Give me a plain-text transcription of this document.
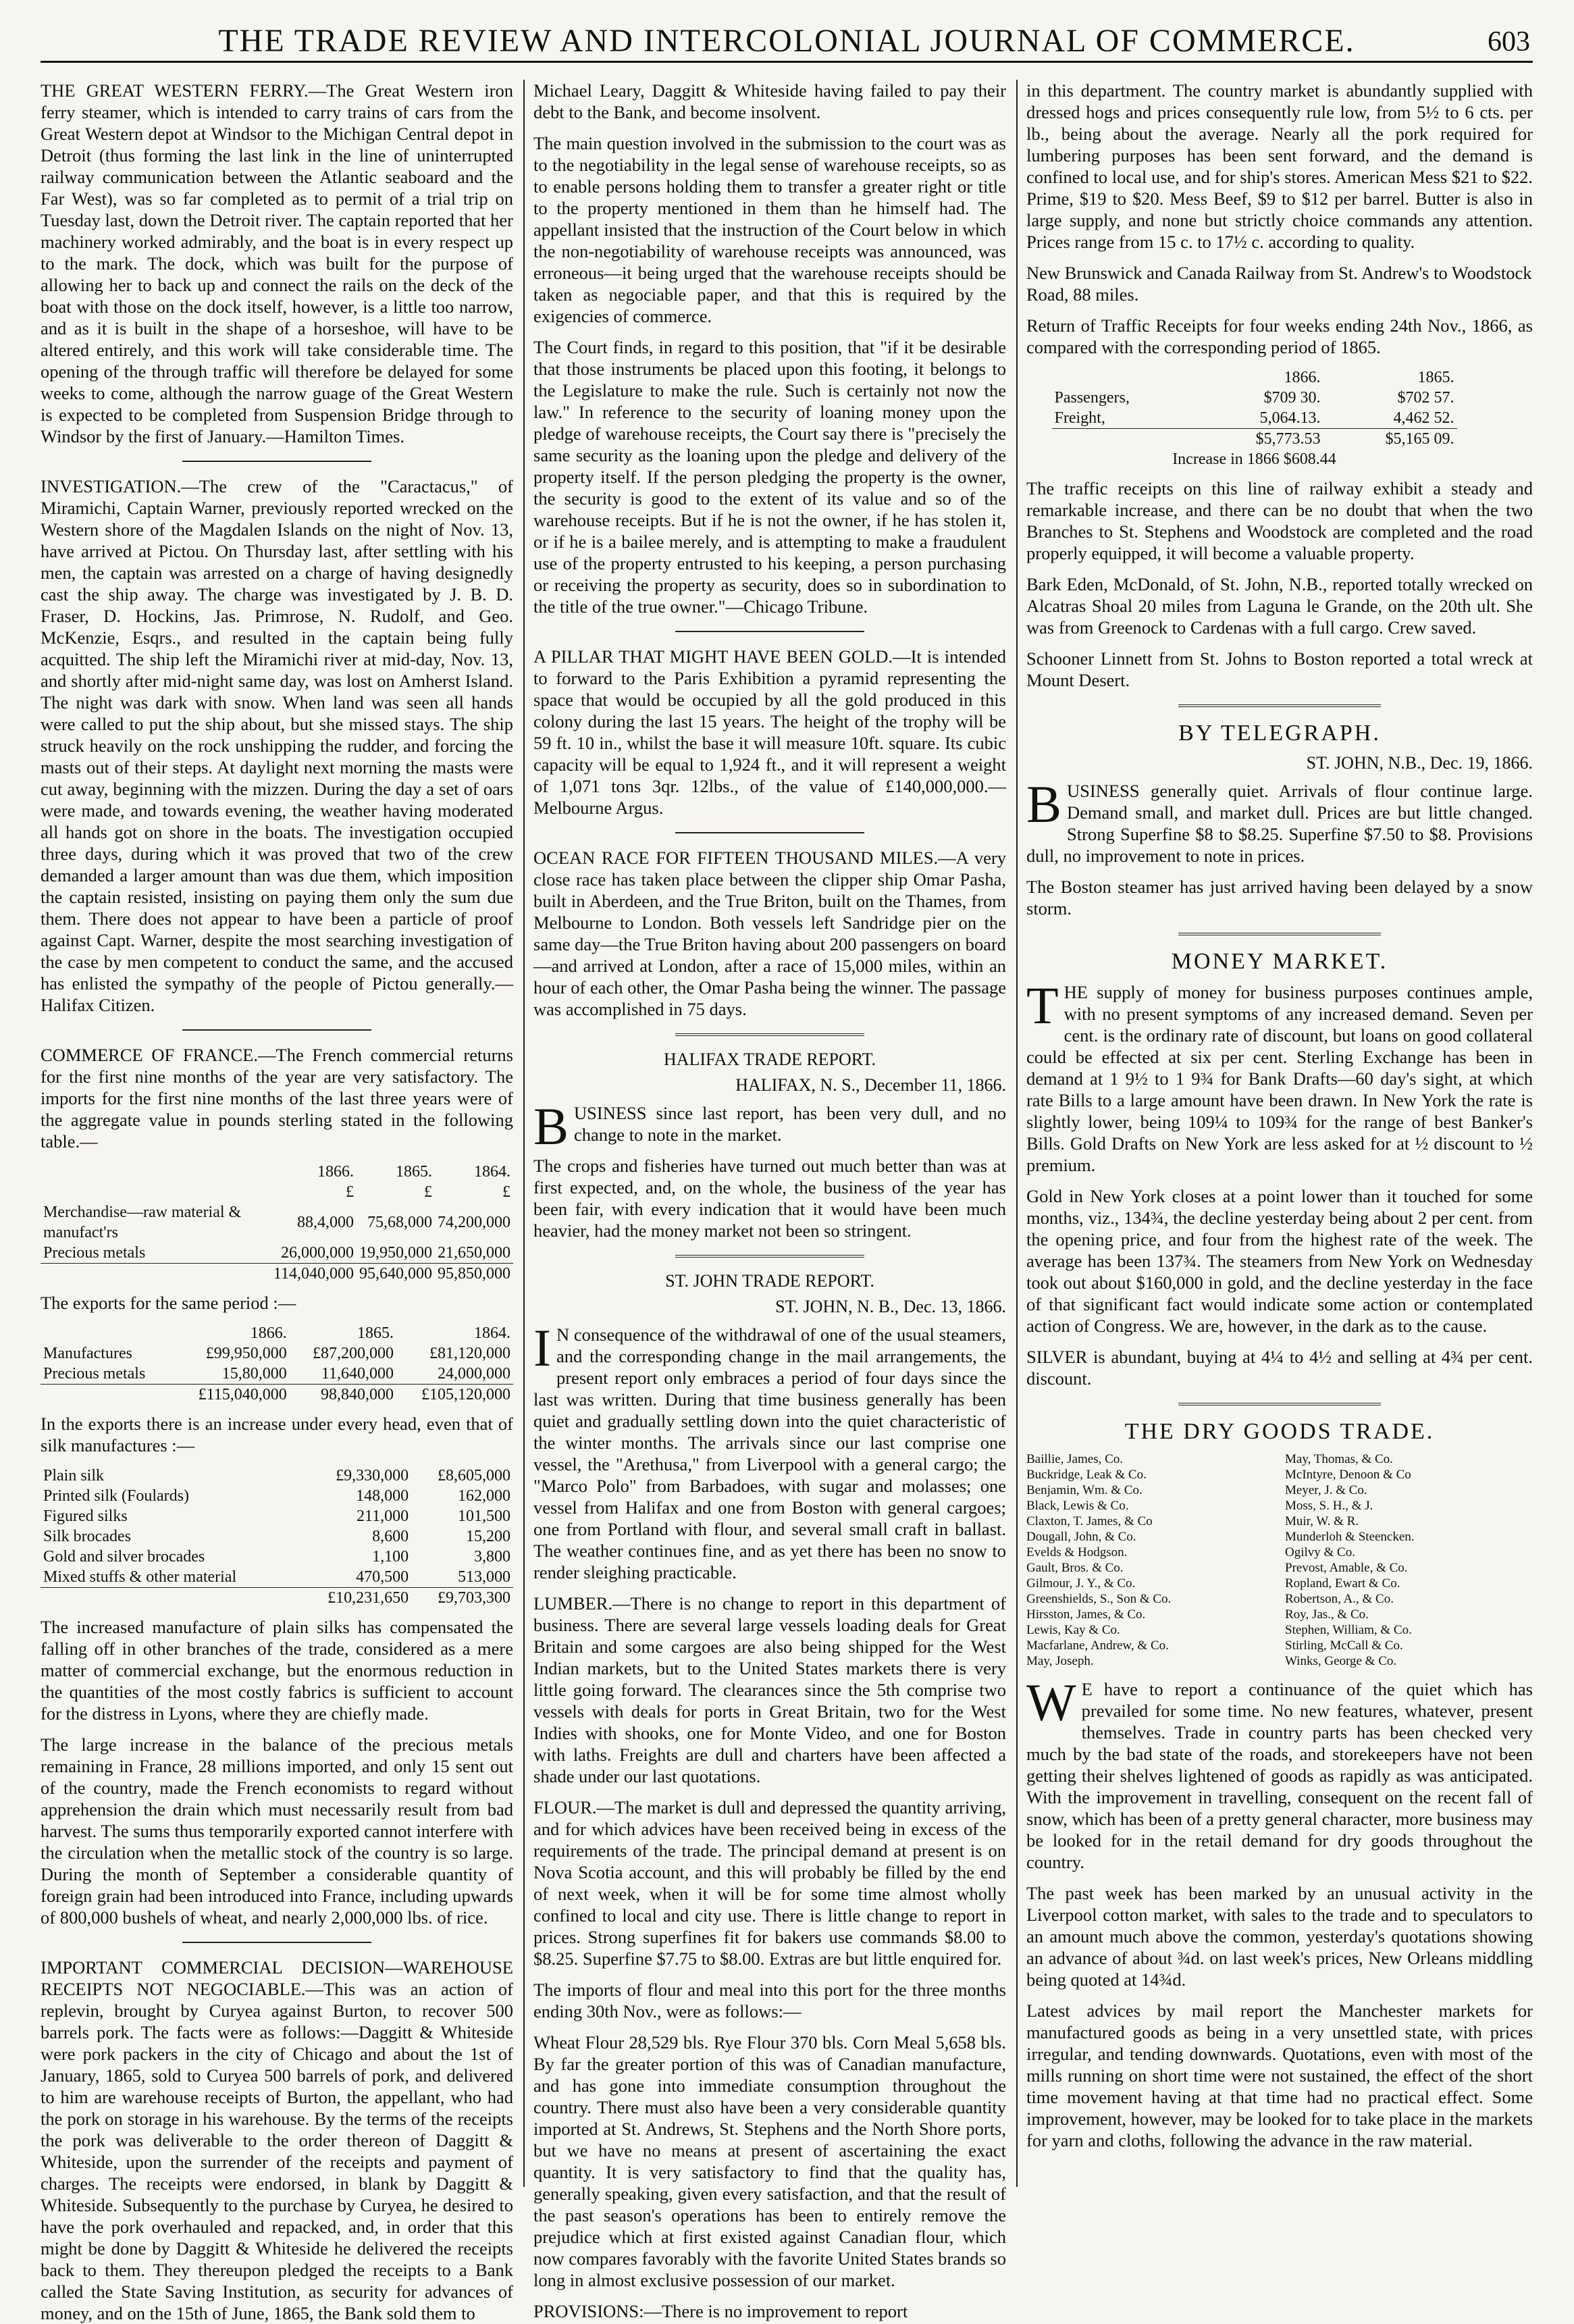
THE TRADE REVIEW AND INTERCOLONIAL JOURNAL OF COMMERCE.	603

THE GREAT WESTERN FERRY.—The Great Western iron ferry steamer, which is intended to carry trains of cars from the Great Western depot at Windsor to the Michigan Central depot in Detroit (thus forming the last link in the line of uninterrupted railway communication between the Atlantic seaboard and the Far West), was so far completed as to permit of a trial trip on Tuesday last, down the Detroit river. The captain reported that her machinery worked admirably, and the boat is in every respect up to the mark. The dock, which was built for the purpose of allowing her to back up and connect the rails on the deck of the boat with those on the dock itself, however, is a little too narrow, and as it is built in the shape of a horseshoe, will have to be altered entirely, and this work will take considerable time. The opening of the through traffic will therefore be delayed for some weeks to come, although the narrow guage of the Great Western is expected to be completed from Suspension Bridge through to Windsor by the first of January.—Hamilton Times.

INVESTIGATION.—The crew of the "Caractacus," of Miramichi, Captain Warner, previously reported wrecked on the Western shore of the Magdalen Islands on the night of Nov. 13, have arrived at Pictou. On Thursday last, after settling with his men, the captain was arrested on a charge of having designedly cast the ship away. The charge was investigated by J. B. D. Fraser, D. Hockins, Jas. Primrose, N. Rudolf, and Geo. McKenzie, Esqrs., and resulted in the captain being fully acquitted. The ship left the Miramichi river at mid-day, Nov. 13, and shortly after mid-night same day, was lost on Amherst Island. The night was dark with snow. When land was seen all hands were called to put the ship about, but she missed stays. The ship struck heavily on the rock unshipping the rudder, and forcing the masts out of their steps. At daylight next morning the masts were cut away, beginning with the mizzen. During the day a set of oars were made, and towards evening, the weather having moderated all hands got on shore in the boats. The investigation occupied three days, during which it was proved that two of the crew demanded a larger amount than was due them, which imposition the captain resisted, insisting on paying them only the sum due them. There does not appear to have been a particle of proof against Capt. Warner, despite the most searching investigation of the case by men competent to conduct the same, and the accused has enlisted the sympathy of the people of Pictou generally.—Halifax Citizen.

COMMERCE OF FRANCE.—The French commercial returns for the first nine months of the year are very satisfactory. The imports for the first nine months of the last three years were of the aggregate value in pounds sterling stated in the following table.—

	1866.	1865.	1864.
	£	£	£
Merchandise—raw material & manufact'rs	88,4,000	75,68,000	74,200,000
Precious metals	26,000,000	19,950,000	21,650,000
	114,040,000	95,640,000	95,850,000

The exports for the same period :—

	1866.	1865.	1864.
Manufactures	£99,950,000	£87,200,000	£81,120,000
Precious metals	15,80,000	11,640,000	24,000,000
	£115,040,000	98,840,000	£105,120,000

In the exports there is an increase under every head, even that of silk manufactures :—

Plain silk	£9,330,000	£8,605,000
Printed silk (Foulards)	148,000	162,000
Figured silks	211,000	101,500
Silk brocades	8,600	15,200
Gold and silver brocades	1,100	3,800
Mixed stuffs & other material	470,500	513,000
	£10,231,650	£9,703,300

The increased manufacture of plain silks has compensated the falling off in other branches of the trade, considered as a mere matter of commercial exchange, but the enormous reduction in the quantities of the most costly fabrics is sufficient to account for the distress in Lyons, where they are chiefly made.

The large increase in the balance of the precious metals remaining in France, 28 millions imported, and only 15 sent out of the country, made the French economists to regard without apprehension the drain which must necessarily result from bad harvest. The sums thus temporarily exported cannot interfere with the circulation when the metallic stock of the country is so large. During the month of September a considerable quantity of foreign grain had been introduced into France, including upwards of 800,000 bushels of wheat, and nearly 2,000,000 lbs. of rice.

IMPORTANT COMMERCIAL DECISION—WAREHOUSE RECEIPTS NOT NEGOCIABLE.—This was an action of replevin, brought by Curyea against Burton, to recover 500 barrels pork. The facts were as follows:—Daggitt & Whiteside were pork packers in the city of Chicago and about the 1st of January, 1865, sold to Curyea 500 barrels of pork, and delivered to him are warehouse receipts of Burton, the appellant, who had the pork on storage in his warehouse. By the terms of the receipts the pork was deliverable to the order thereon of Daggitt & Whiteside, upon the surrender of the receipts and payment of charges. The receipts were endorsed, in blank by Daggitt & Whiteside. Subsequently to the purchase by Curyea, he desired to have the pork overhauled and repacked, and, in order that this might be done by Daggitt & Whiteside he delivered the receipts back to them. They thereupon pledged the receipts to a Bank called the State Saving Institution, as security for advances of money, and on the 15th of June, 1865, the Bank sold them to

Michael Leary, Daggitt & Whiteside having failed to pay their debt to the Bank, and become insolvent.

The main question involved in the submission to the court was as to the negotiability in the legal sense of warehouse receipts, so as to enable persons holding them to transfer a greater right or title to the property mentioned in them than he himself had. The appellant insisted that the instruction of the Court below in which the non-negotiability of warehouse receipts was announced, was erroneous—it being urged that the warehouse receipts should be taken as negociable paper, and that this is required by the exigencies of commerce.

The Court finds, in regard to this position, that "if it be desirable that those instruments be placed upon this footing, it belongs to the Legislature to make the rule. Such is certainly not now the law." In reference to the security of loaning money upon the pledge of warehouse receipts, the Court say there is "precisely the same security as the loaning upon the pledge and delivery of the property itself. If the person pledging the property is the owner, the security is good to the extent of its value and so of the warehouse receipts. But if he is not the owner, if he has stolen it, or if he is a bailee merely, and is attempting to make a fraudulent use of the property entrusted to his keeping, a person purchasing or receiving the property as security, does so in subordination to the title of the true owner."—Chicago Tribune.

A PILLAR THAT MIGHT HAVE BEEN GOLD.—It is intended to forward to the Paris Exhibition a pyramid representing the space that would be occupied by all the gold produced in this colony during the last 15 years. The height of the trophy will be 59 ft. 10 in., whilst the base it will measure 10ft. square. Its cubic capacity will be equal to 1,924 ft., and it will represent a weight of 1,071 tons 3qr. 12lbs., of the value of £140,000,000.—Melbourne Argus.

OCEAN RACE FOR FIFTEEN THOUSAND MILES.—A very close race has taken place between the clipper ship Omar Pasha, built in Aberdeen, and the True Briton, built on the Thames, from Melbourne to London. Both vessels left Sandridge pier on the same day—the True Briton having about 200 passengers on board—and arrived at London, after a race of 15,000 miles, within an hour of each other, the Omar Pasha being the winner. The passage was accomplished in 75 days.

HALIFAX TRADE REPORT.
HALIFAX, N. S., December 11, 1866.

BUSINESS since last report, has been very dull, and no change to note in the market.

The crops and fisheries have turned out much better than was at first expected, and, on the whole, the business of the year has been fair, with every indication that it would have been much heavier, had the money market not been so stringent.

ST. JOHN TRADE REPORT.
ST. JOHN, N. B., Dec. 13, 1866.

IN consequence of the withdrawal of one of the usual steamers, and the corresponding change in the mail arrangements, the present report only embraces a period of four days since the last was written. During that time business generally has been quiet and gradually settling down into the quiet characteristic of the winter months. The arrivals since our last comprise one vessel, the "Arethusa," from Liverpool with a general cargo; the "Marco Polo" from Barbadoes, with sugar and molasses; one vessel from Halifax and one from Boston with general cargoes; one from Portland with flour, and several small craft in ballast. The weather continues fine, and as yet there has been no snow to render sleighing practicable.

LUMBER.—There is no change to report in this department of business. There are several large vessels loading deals for Great Britain and some cargoes are also being shipped for the West Indian markets, but to the United States markets there is very little going forward. The clearances since the 5th comprise two vessels with deals for ports in Great Britain, two for the West Indies with shooks, one for Monte Video, and one for Boston with laths. Freights are dull and charters have been affected a shade under our last quotations.

FLOUR.—The market is dull and depressed the quantity arriving, and for which advices have been received being in excess of the requirements of the trade. The principal demand at present is on Nova Scotia account, and this will probably be filled by the end of next week, when it will be for some time almost wholly confined to local and city use. There is little change to report in prices. Strong superfines fit for bakers use commands $8.00 to $8.25. Superfine $7.75 to $8.00. Extras are but little enquired for.

The imports of flour and meal into this port for the three months ending 30th Nov., were as follows:—

Wheat Flour 28,529 bls. Rye Flour 370 bls. Corn Meal 5,658 bls. By far the greater portion of this was of Canadian manufacture, and has gone into immediate consumption throughout the country. There must also have been a very considerable quantity imported at St. Andrews, St. Stephens and the North Shore ports, but we have no means at present of ascertaining the exact quantity. It is very satisfactory to find that the quality has, generally speaking, given every satisfaction, and that the result of the past season's operations has been to entirely remove the prejudice which at first existed against Canadian flour, which now compares favorably with the favorite United States brands so long in almost exclusive possession of our market.

PROVISIONS:—There is no improvement to report

in this department. The country market is abundantly supplied with dressed hogs and prices consequently rule low, from 5½ to 6 cts. per lb., being about the average. Nearly all the pork required for lumbering purposes has been sent forward, and the demand is confined to local use, and for ship's stores. American Mess $21 to $22. Prime, $19 to $20. Mess Beef, $9 to $12 per barrel. Butter is also in large supply, and none but strictly choice commands any attention. Prices range from 15 c. to 17½ c. according to quality.

New Brunswick and Canada Railway from St. Andrew's to Woodstock Road, 88 miles.

Return of Traffic Receipts for four weeks ending 24th Nov., 1866, as compared with the corresponding period of 1865.

	1866.	1865.
Passengers,	$709 30.	$702 57.
Freight,	5,064.13.	4,462 52.
	$5,773.53	$5,165 09.
Increase in 1866 $608.44		

The traffic receipts on this line of railway exhibit a steady and remarkable increase, and there can be no doubt that when the two Branches to St. Stephens and Woodstock are completed and the road properly equipped, it will become a valuable property.

Bark Eden, McDonald, of St. John, N.B., reported totally wrecked on Alcatras Shoal 20 miles from Laguna le Grande, on the 20th ult. She was from Greenock to Cardenas with a full cargo. Crew saved.

Schooner Linnett from St. Johns to Boston reported a total wreck at Mount Desert.

BY TELEGRAPH.
ST. JOHN, N.B., Dec. 19, 1866.

BUSINESS generally quiet. Arrivals of flour continue large. Demand small, and market dull. Prices are but little changed. Strong Superfine $8 to $8.25. Superfine $7.50 to $8. Provisions dull, no improvement to note in prices.

The Boston steamer has just arrived having been delayed by a snow storm.

MONEY MARKET.

THE supply of money for business purposes continues ample, with no present symptoms of any increased demand. Seven per cent. is the ordinary rate of discount, but loans on good collateral could be effected at six per cent. Sterling Exchange has been in demand at 1 9½ to 1 9¾ for Bank Drafts—60 day's sight, at which rate Bills to a large amount have been drawn. In New York the rate is slightly lower, being 109¼ to 109¾ for the range of best Banker's Bills. Gold Drafts on New York are less asked for at ½ discount to ½ premium.

Gold in New York closes at a point lower than it touched for some months, viz., 134¾, the decline yesterday being about 2 per cent. from the opening price, and four from the highest rate of the week. The average has been 137¾. The steamers from New York on Wednesday took out about $160,000 in gold, and the decline yesterday in the face of that significant fact would indicate some action or contemplated action of Congress. We are, however, in the dark as to the cause.

SILVER is abundant, buying at 4¼ to 4½ and selling at 4¾ per cent. discount.

THE DRY GOODS TRADE.
Baillie, James, Co.	May, Thomas, & Co.
Buckridge, Leak & Co.	McIntyre, Denoon & Co
Benjamin, Wm. & Co.	Meyer, J. & Co.
Black, Lewis & Co.	Moss, S. H., & J.
Claxton, T. James, & Co	Muir, W. & R.
Dougall, John, & Co.	Munderloh & Steencken.
Evelds & Hodgson.	Ogilvy & Co.
Gault, Bros. & Co.	Prevost, Amable, & Co.
Gilmour, J. Y., & Co.	Ropland, Ewart & Co.
Greenshields, S., Son & Co.	Robertson, A., & Co.
Hirsston, James, & Co.	Roy, Jas., & Co.
Lewis, Kay & Co.	Stephen, William, & Co.
Macfarlane, Andrew, & Co.	Stirling, McCall & Co.
May, Joseph.	Winks, George & Co.

WE have to report a continuance of the quiet which has prevailed for some time. No new features, whatever, present themselves. Trade in country parts has been checked very much by the bad state of the roads, and storekeepers have not been getting their shelves lightened of goods as rapidly as was anticipated. With the improvement in travelling, consequent on the recent fall of snow, which has been of a pretty general character, more business may be looked for in the retail demand for dry goods throughout the country.

The past week has been marked by an unusual activity in the Liverpool cotton market, with sales to the trade and to speculators to an amount much above the common, yesterday's quotations showing an advance of about ¾d. on last week's prices, New Orleans middling being quoted at 14¾d.

Latest advices by mail report the Manchester markets for manufactured goods as being in a very unsettled state, with prices irregular, and tending downwards. Quotations, even with most of the mills running on short time were not sustained, the effect of the short time movement having at that time had no practical effect. Some improvement, however, may be looked for to take place in the markets for yarn and cloths, following the advance in the raw material.
